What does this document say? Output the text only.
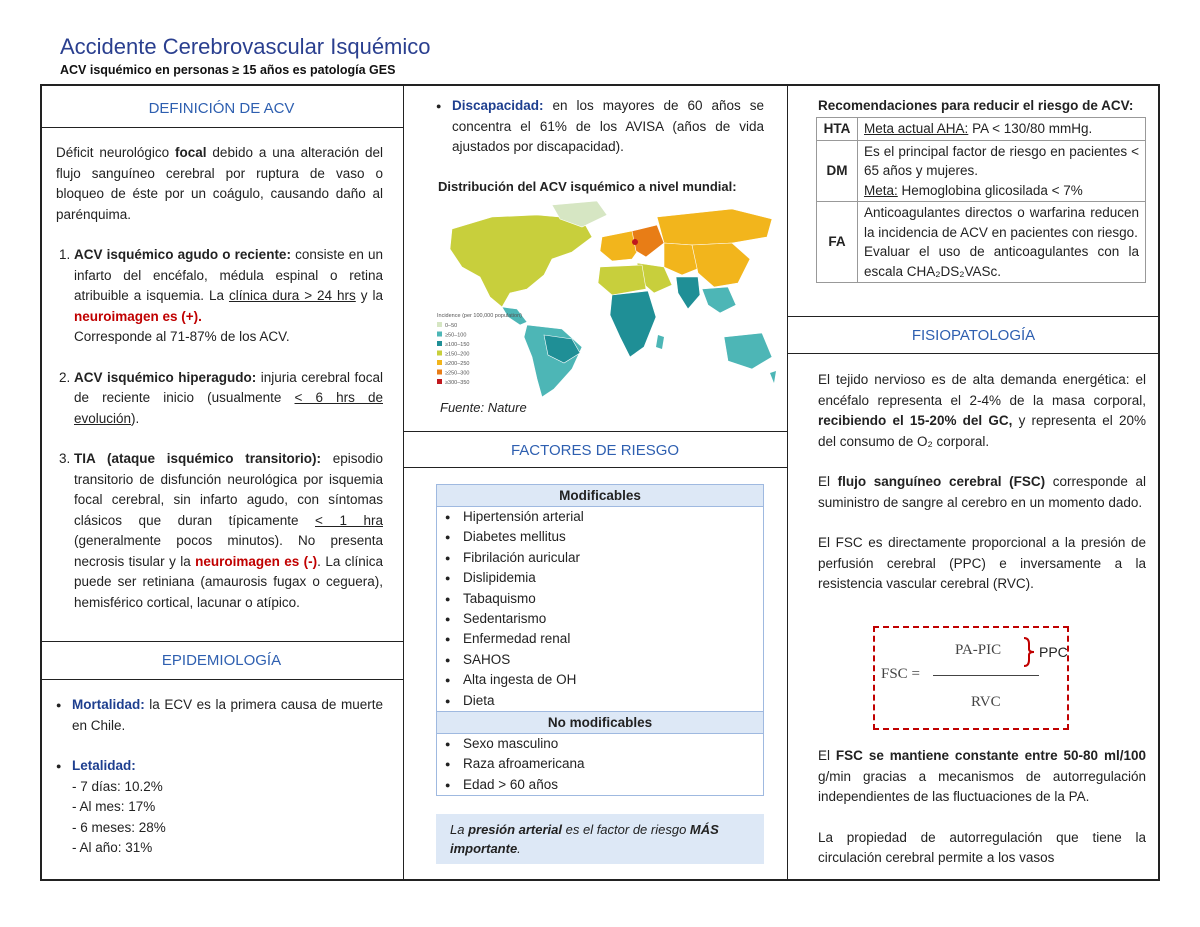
Accidente Cerebrovascular Isquémico
ACV isquémico en personas ≥ 15 años es patología GES
DEFINICIÓN DE ACV

Déficit neurológico focal debido a una alteración del flujo sanguíneo cerebral por ruptura de vaso o bloqueo de éste por un coágulo, causando daño al parénquima.

1. ACV isquémico agudo o reciente: consiste en un infarto del encéfalo, médula espinal o retina atribuible a isquemia. La clínica dura > 24 hrs y la neuroimagen es (+).
Corresponde al 71-87% de los ACV.
2. ACV isquémico hiperagudo: injuria cerebral focal de reciente inicio (usualmente < 6 hrs de evolución).
3. TIA (ataque isquémico transitorio): episodio transitorio de disfunción neurológica por isquemia focal cerebral, sin infarto agudo, con síntomas clásicos que duran típicamente < 1 hra (generalmente pocos minutos). No presenta necrosis tisular y la neuroimagen es (-). La clínica puede ser retiniana (amaurosis fugax o ceguera), hemisférico cortical, lacunar o atípico.
EPIDEMIOLOGÍA
● Mortalidad: la ECV es la primera causa de muerte en Chile.
● Letalidad:
- 7 días: 10.2%
- Al mes: 17%
- 6 meses: 28%
- Al año: 31%
● Discapacidad: en los mayores de 60 años se concentra el 61% de los AVISA (años de vida ajustados por discapacidad).
Distribución del ACV isquémico a nivel mundial:
Incidence (per 100,000 population)
0–50
≥50–100
≥100–150
≥150–200
≥200–250
≥250–300
≥300–350
Fuente: Nature
FACTORES DE RIESGO
Modificables
● Hipertensión arterial
● Diabetes mellitus
● Fibrilación auricular
● Dislipidemia
● Tabaquismo
● Sedentarismo
● Enfermedad renal
● SAHOS
● Alta ingesta de OH
● Dieta
No modificables
● Sexo masculino
● Raza afroamericana
● Edad > 60 años
La presión arterial es el factor de riesgo MÁS importante.
Recomendaciones para reducir el riesgo de ACV:
HTA	Meta actual AHA: PA < 130/80 mmHg.
DM	Es el principal factor de riesgo en pacientes < 65 años y mujeres.
Meta: Hemoglobina glicosilada < 7%
FA	Anticoagulantes directos o warfarina reducen la incidencia de ACV en pacientes con riesgo.
Evaluar el uso de anticoagulantes con la escala CHA₂DS₂VASc.
FISIOPATOLOGÍA

El tejido nervioso es de alta demanda energética: el encéfalo representa el 2-4% de la masa corporal, recibiendo el 15-20% del GC, y representa el 20% del consumo de O₂ corporal.

El flujo sanguíneo cerebral (FSC) corresponde al suministro de sangre al cerebro en un momento dado.

El FSC es directamente proporcional a la presión de perfusión cerebral (PPC) e inversamente a la resistencia vascular cerebral (RVC).

FSC =
PA-PIC
RVC
PPC

El FSC se mantiene constante entre 50-80 ml/100 g/min gracias a mecanismos de autorregulación independientes de las fluctuaciones de la PA.

La propiedad de autorregulación que tiene la circulación cerebral permite a los vasos
